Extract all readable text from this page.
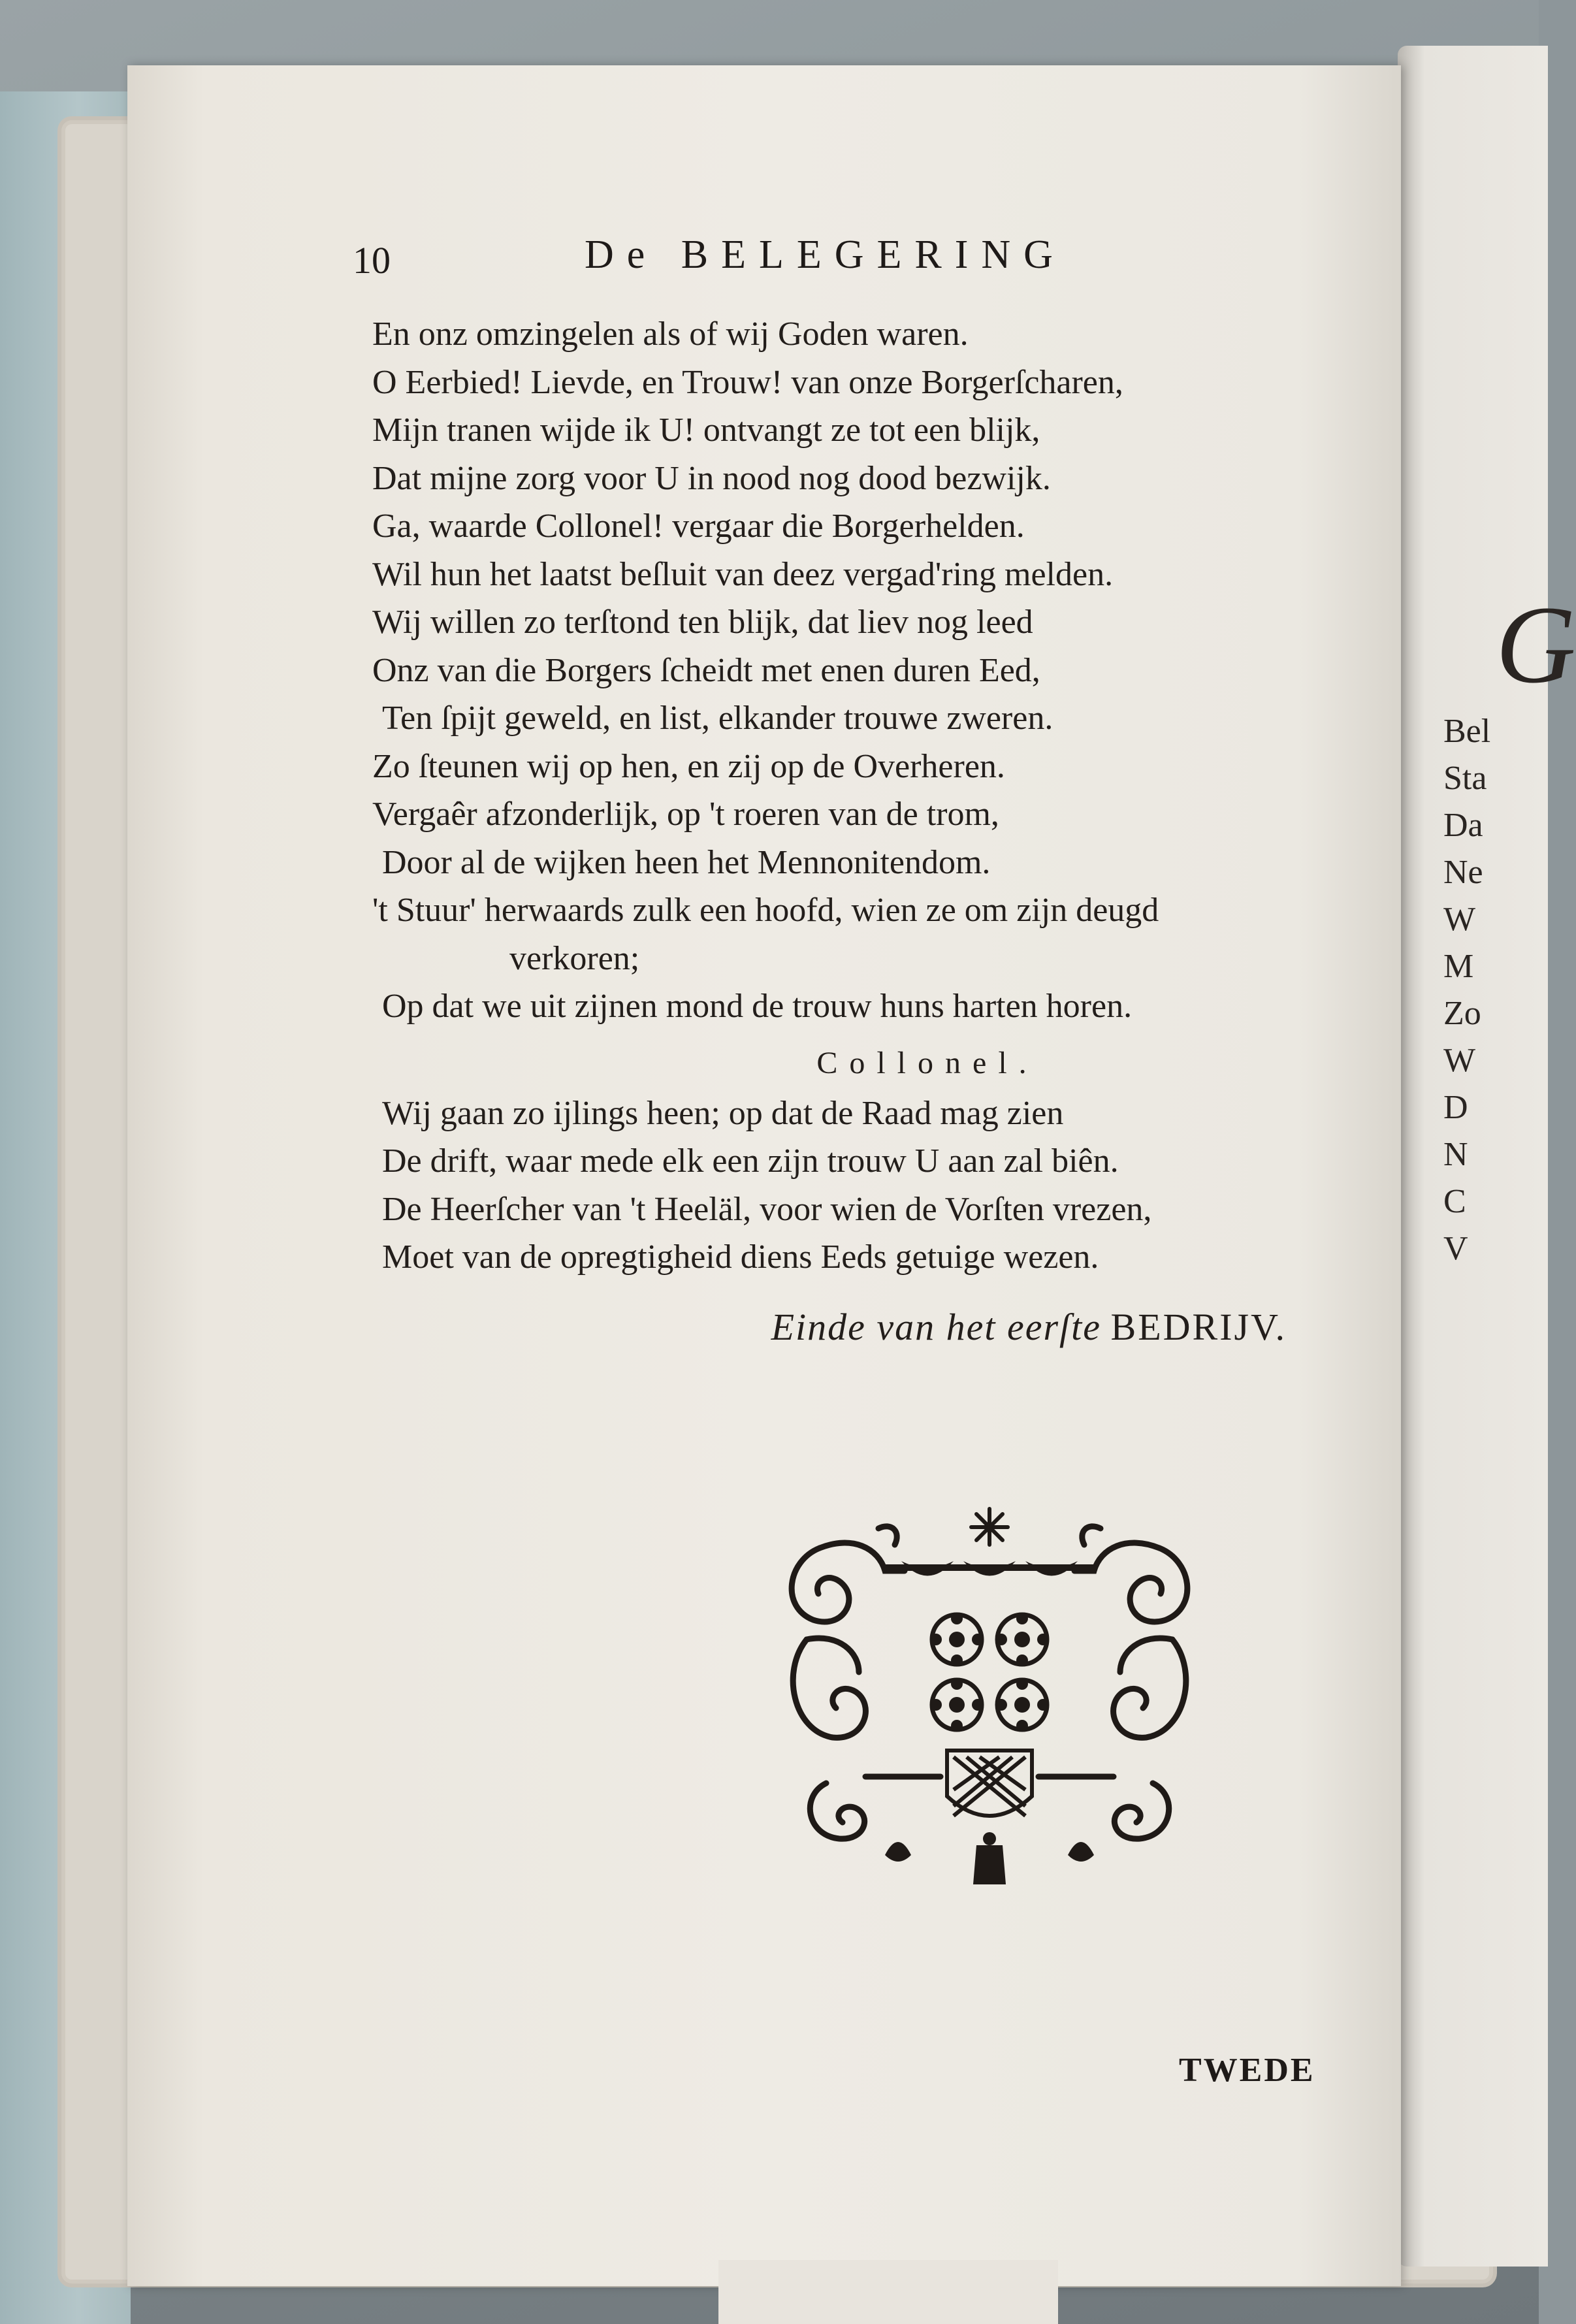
G
Bel
Sta
Da
Ne
W
M
Zo
W
D
N
C
V
10	De BELEGERING
En onz omzingelen als of wij Goden waren.
O Eerbied! Lievde, en Trouw! van onze Borgerſcharen,
Mijn tranen wijde ik U! ontvangt ze tot een blijk,
Dat mijne zorg voor U in nood nog dood bezwijk.
Ga, waarde Collonel! vergaar die Borgerhelden.
Wil hun het laatst beſluit van deez vergad'ring melden.
Wij willen zo terſtond ten blijk, dat liev nog leed
Onz van die Borgers ſcheidt met enen duren Eed,
Ten ſpijt geweld, en list, elkander trouwe zweren.
Zo ſteunen wij op hen, en zij op de Overheren.
Vergaêr afzonderlijk, op 't roeren van de trom,
Door al de wijken heen het Mennonitendom.
't Stuur' herwaards zulk een hoofd, wien ze om zijn deugd
verkoren;
Op dat we uit zijnen mond de trouw huns harten horen.
Collonel.
Wij gaan zo ijlings heen; op dat de Raad mag zien
De drift, waar mede elk een zijn trouw U aan zal biên.
De Heerſcher van 't Heeläl, voor wien de Vorſten vrezen,
Moet van de opregtigheid diens Eeds getuige wezen.
Einde van het eerſte BEDRIJV.
TWEDE
